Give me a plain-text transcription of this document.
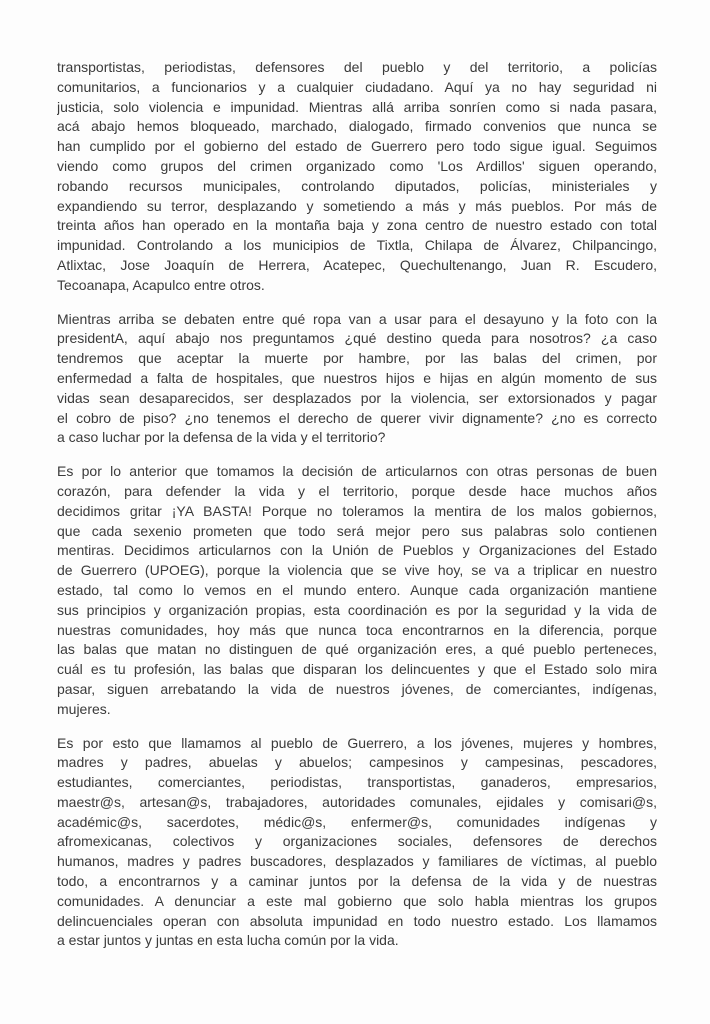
transportistas, periodistas, defensores del pueblo y del territorio, a policías
comunitarios, a funcionarios y a cualquier ciudadano. Aquí ya no hay seguridad ni
justicia, solo violencia e impunidad. Mientras allá arriba sonríen como si nada pasara,
acá abajo hemos bloqueado, marchado, dialogado, firmado convenios que nunca se
han cumplido por el gobierno del estado de Guerrero pero todo sigue igual. Seguimos
viendo como grupos del crimen organizado como 'Los Ardillos' siguen operando,
robando recursos municipales, controlando diputados, policías, ministeriales y
expandiendo su terror, desplazando y sometiendo a más y más pueblos. Por más de
treinta años han operado en la montaña baja y zona centro de nuestro estado con total
impunidad. Controlando a los municipios de Tixtla, Chilapa de Álvarez, Chilpancingo,
Atlixtac, Jose Joaquín de Herrera, Acatepec, Quechultenango, Juan R. Escudero,
Tecoanapa, Acapulco entre otros.
Mientras arriba se debaten entre qué ropa van a usar para el desayuno y la foto con la
presidentA, aquí abajo nos preguntamos ¿qué destino queda para nosotros? ¿a caso
tendremos que aceptar la muerte por hambre, por las balas del crimen, por
enfermedad a falta de hospitales, que nuestros hijos e hijas en algún momento de sus
vidas sean desaparecidos, ser desplazados por la violencia, ser extorsionados y pagar
el cobro de piso? ¿no tenemos el derecho de querer vivir dignamente? ¿no es correcto
a caso luchar por la defensa de la vida y el territorio?
Es por lo anterior que tomamos la decisión de articularnos con otras personas de buen
corazón, para defender la vida y el territorio, porque desde hace muchos años
decidimos gritar ¡YA BASTA! Porque no toleramos la mentira de los malos gobiernos,
que cada sexenio prometen que todo será mejor pero sus palabras solo contienen
mentiras. Decidimos articularnos con la Unión de Pueblos y Organizaciones del Estado
de Guerrero (UPOEG), porque la violencia que se vive hoy, se va a triplicar en nuestro
estado, tal como lo vemos en el mundo entero. Aunque cada organización mantiene
sus principios y organización propias, esta coordinación es por la seguridad y la vida de
nuestras comunidades, hoy más que nunca toca encontrarnos en la diferencia, porque
las balas que matan no distinguen de qué organización eres, a qué pueblo perteneces,
cuál es tu profesión, las balas que disparan los delincuentes y que el Estado solo mira
pasar, siguen arrebatando la vida de nuestros jóvenes, de comerciantes, indígenas,
mujeres.
Es por esto que llamamos al pueblo de Guerrero, a los jóvenes, mujeres y hombres,
madres y padres, abuelas y abuelos; campesinos y campesinas, pescadores,
estudiantes, comerciantes, periodistas, transportistas, ganaderos, empresarios,
maestr@s, artesan@s, trabajadores, autoridades comunales, ejidales y comisari@s,
académic@s, sacerdotes, médic@s, enfermer@s, comunidades indígenas y
afromexicanas, colectivos y organizaciones sociales, defensores de derechos
humanos, madres y padres buscadores, desplazados y familiares de víctimas, al pueblo
todo, a encontrarnos y a caminar juntos por la defensa de la vida y de nuestras
comunidades. A denunciar a este mal gobierno que solo habla mientras los grupos
delincuenciales operan con absoluta impunidad en todo nuestro estado. Los llamamos
a estar juntos y juntas en esta lucha común por la vida.
